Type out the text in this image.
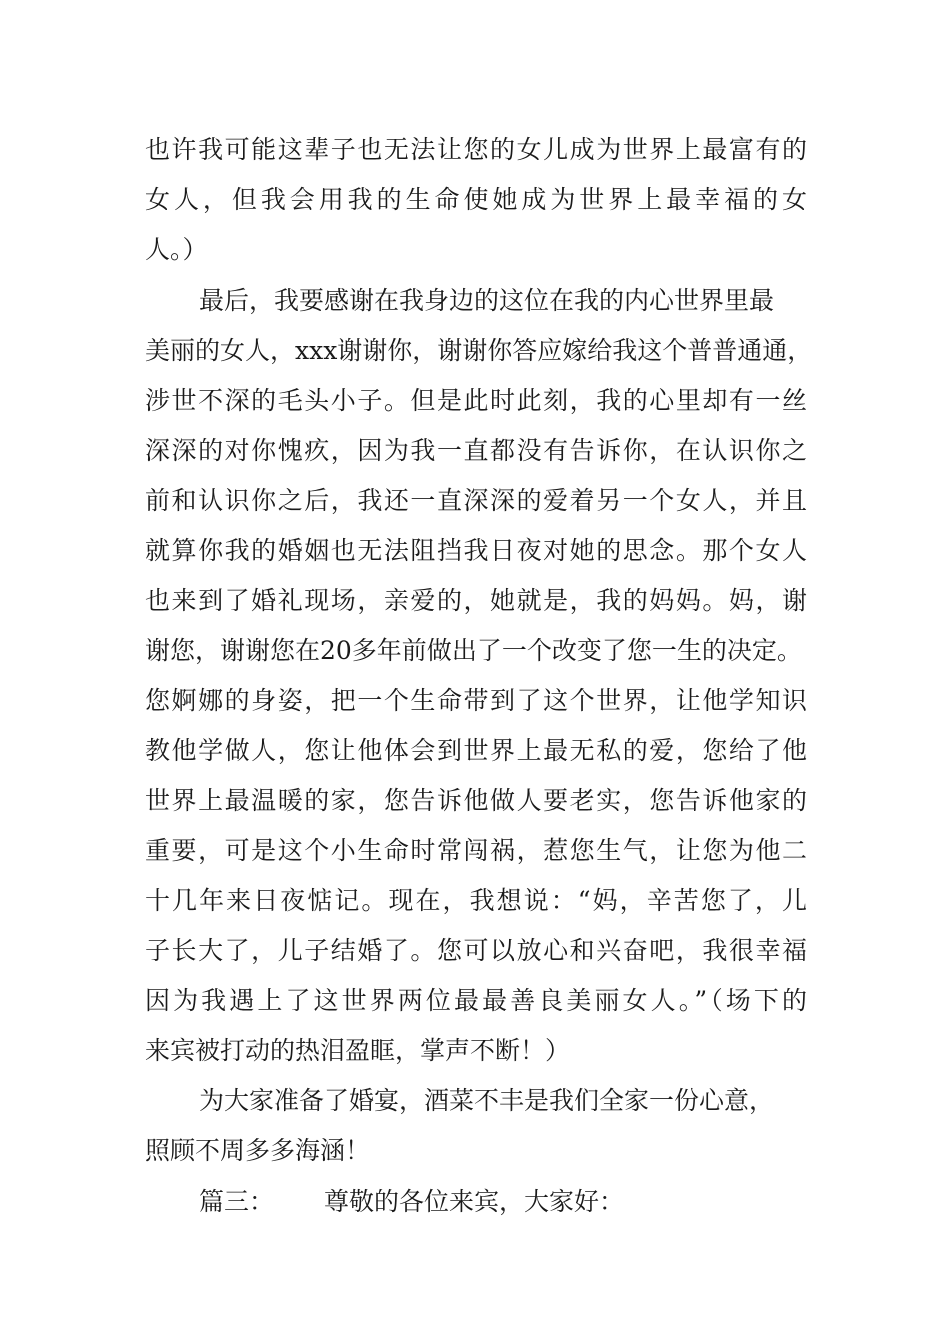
也许我可能这辈子也无法让您的女儿成为世界上最富有的
女人，但我会用我的生命使她成为世界上最幸福的女
人。）
最后，我要感谢在我身边的这位在我的内心世界里最
美丽的女人，xxx谢谢你，谢谢你答应嫁给我这个普普通通，
涉世不深的毛头小子。但是此时此刻，我的心里却有一丝
深深的对你愧疚，因为我一直都没有告诉你，在认识你之
前和认识你之后，我还一直深深的爱着另一个女人，并且
就算你我的婚姻也无法阻挡我日夜对她的思念。那个女人
也来到了婚礼现场，亲爱的，她就是，我的妈妈。妈，谢
谢您，谢谢您在20多年前做出了一个改变了您一生的决定。
您婀娜的身姿，把一个生命带到了这个世界，让他学知识
教他学做人，您让他体会到世界上最无私的爱，您给了他
世界上最温暖的家，您告诉他做人要老实，您告诉他家的
重要，可是这个小生命时常闯祸，惹您生气，让您为他二
十几年来日夜惦记。现在，我想说：“妈，辛苦您了，儿
子长大了，儿子结婚了。您可以放心和兴奋吧，我很幸福
因为我遇上了这世界两位最最善良美丽女人。”（场下的
来宾被打动的热泪盈眶，掌声不断！）
为大家准备了婚宴，酒菜不丰是我们全家一份心意，
照顾不周多多海涵！
篇三： 尊敬的各位来宾，大家好：
